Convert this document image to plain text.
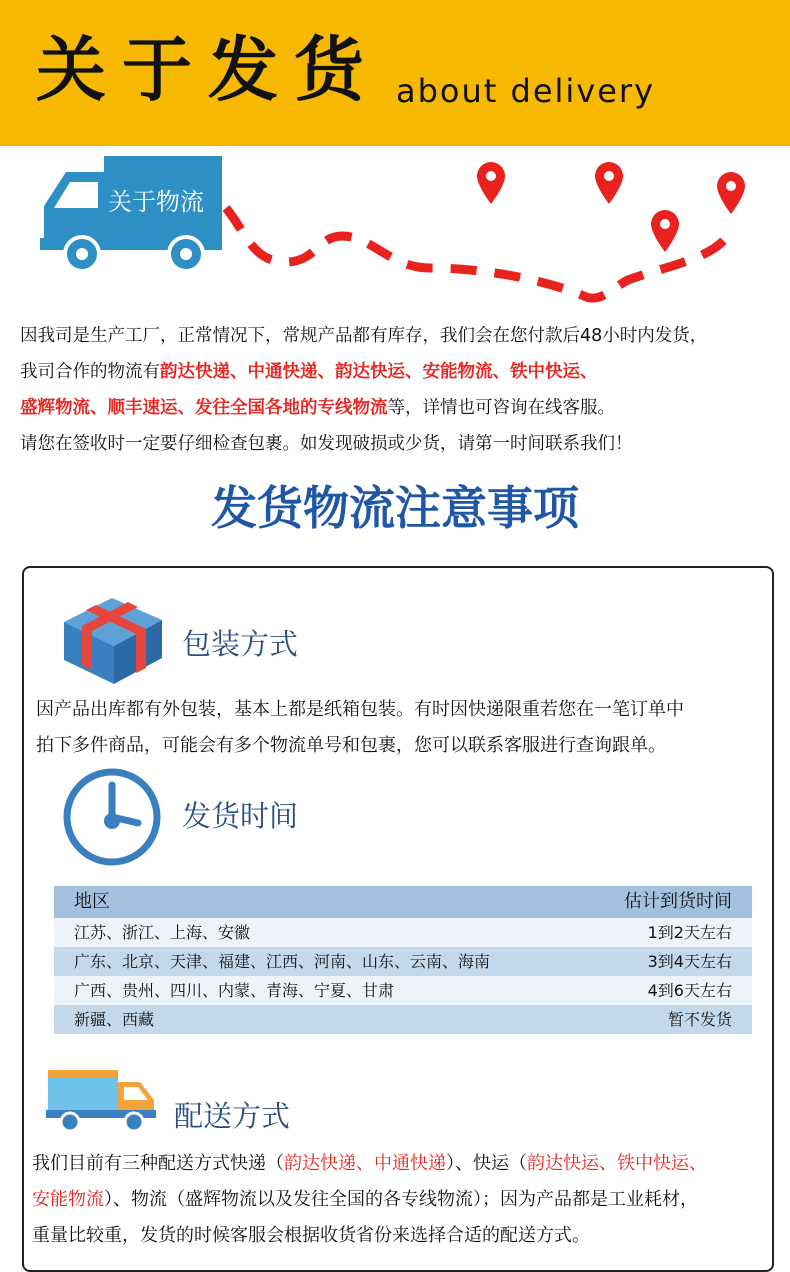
关于发货 about delivery
关于物流

因我司是生产工厂，正常情况下，常规产品都有库存，我们会在您付款后48小时内发货，

我司合作的物流有韵达快递、中通快递、韵达快运、安能物流、铁中快运、

盛辉物流、顺丰速运、发往全国各地的专线物流等，详情也可咨询在线客服。

请您在签收时一定要仔细检查包裹。如发现破损或少货，请第一时间联系我们！

发货物流注意事项
包装方式

因产品出库都有外包装，基本上都是纸箱包装。有时因快递限重若您在一笔订单中

拍下多件商品，可能会有多个物流单号和包裹，您可以联系客服进行查询跟单。

发货时间
地区	估计到货时间
江苏、浙江、上海、安徽	1到2天左右
广东、北京、天津、福建、江西、河南、山东、云南、海南	3到4天左右
广西、贵州、四川、内蒙、青海、宁夏、甘肃	4到6天左右
新疆、西藏	暂不发货
配送方式

我们目前有三种配送方式快递（韵达快递、中通快递）、快运（韵达快运、铁中快运、

安能物流）、物流（盛辉物流以及发往全国的各专线物流）；因为产品都是工业耗材，

重量比较重，发货的时候客服会根据收货省份来选择合适的配送方式。
